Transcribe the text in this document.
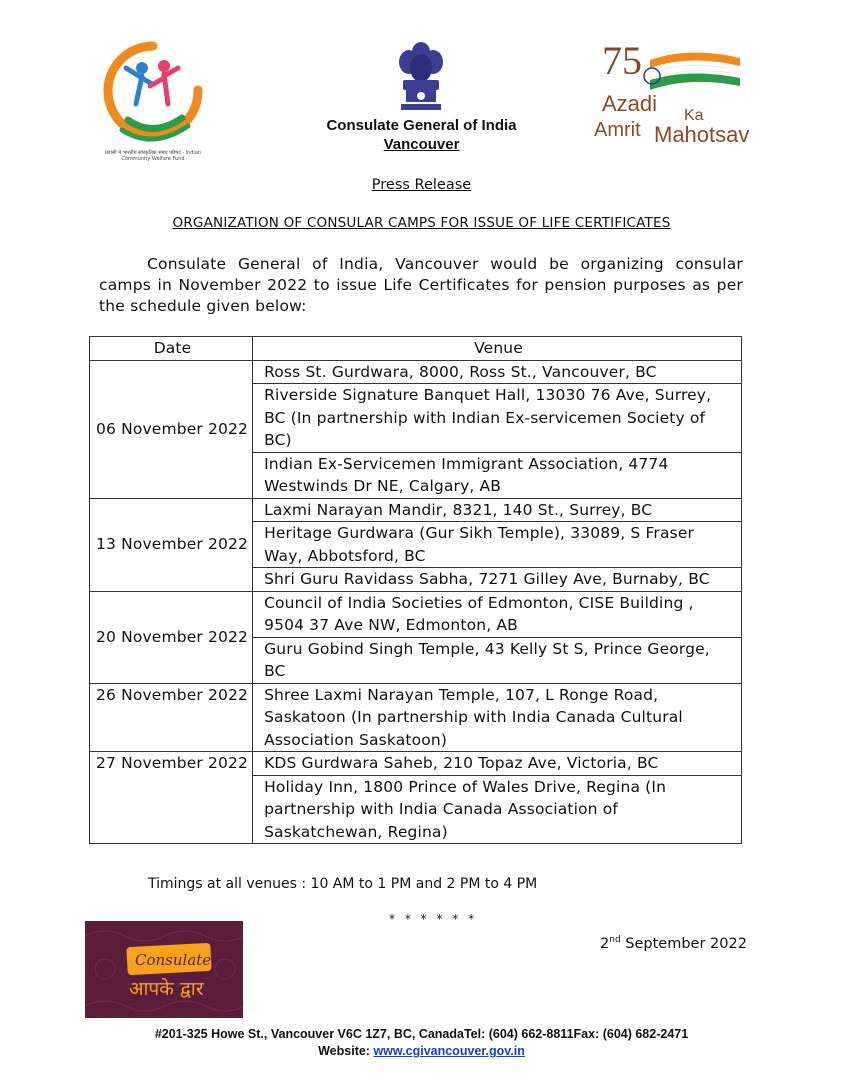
प्रवासी में भारतीय सांस्कृतिक संबंध परिषद · Indian Community Welfare Fund
Consulate General of India
Vancouver
75
Azadi Ka
Amrit Mahotsav
Press Release
ORGANIZATION OF CONSULAR CAMPS FOR ISSUE OF LIFE CERTIFICATES
Consulate General of India, Vancouver would be organizing consular camps in November 2022 to issue Life Certificates for pension purposes as per the schedule given below:
Date	Venue
06 November 2022	Ross St. Gurdwara, 8000, Ross St., Vancouver, BC
	Riverside Signature Banquet Hall, 13030 76 Ave, Surrey, BC (In partnership with Indian Ex-servicemen Society of BC)
	Indian Ex-Servicemen Immigrant Association, 4774 Westwinds Dr NE, Calgary, AB
13 November 2022	Laxmi Narayan Mandir, 8321, 140 St., Surrey, BC
	Heritage Gurdwara (Gur Sikh Temple), 33089, S Fraser Way, Abbotsford, BC
	Shri Guru Ravidass Sabha, 7271 Gilley Ave, Burnaby, BC
20 November 2022	Council of India Societies of Edmonton, CISE Building , 9504 37 Ave NW, Edmonton, AB
	Guru Gobind Singh Temple, 43 Kelly St S, Prince George, BC
26 November 2022	Shree Laxmi Narayan Temple, 107, L Ronge Road, Saskatoon (In partnership with India Canada Cultural Association Saskatoon)
27 November 2022	KDS Gurdwara Saheb, 210 Topaz Ave, Victoria, BC
	Holiday Inn, 1800 Prince of Wales Drive, Regina (In partnership with India Canada Association of Saskatchewan, Regina)
Timings at all venues : 10 AM to 1 PM and 2 PM to 4 PM
* * * * * *
2nd September 2022
Consulate
आपके द्वार
#201-325 Howe St., Vancouver V6C 1Z7, BC, CanadaTel: (604) 662-8811Fax: (604) 682-2471
Website: www.cgivancouver.gov.in
